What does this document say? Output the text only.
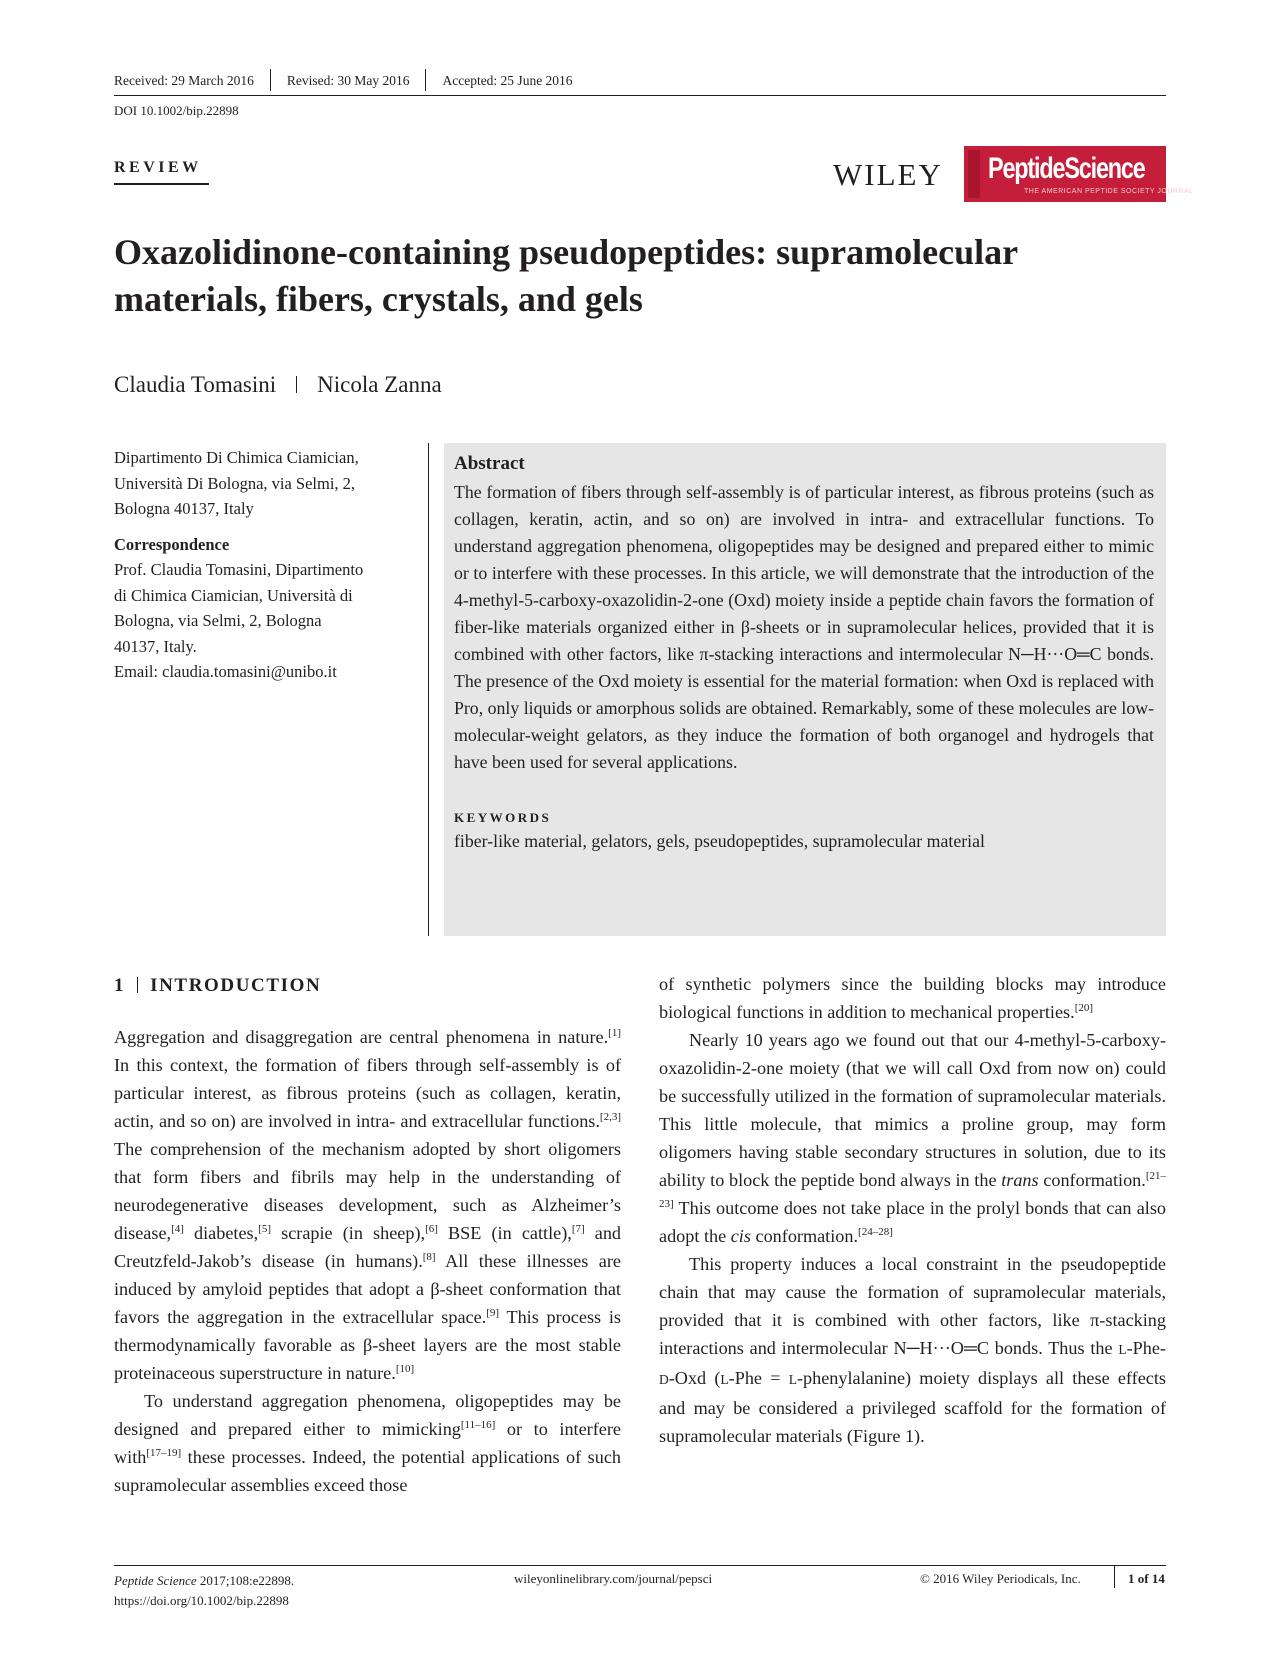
Received: 29 March 2016 Revised: 30 May 2016 Accepted: 25 June 2016
DOI 10.1002/bip.22898
REVIEW	WILEY PeptideScience
THE AMERICAN PEPTIDE SOCIETY JOURNAL
Oxazolidinone-containing pseudopeptides: supramolecular materials, fibers, crystals, and gels
Claudia Tomasini Nicola Zanna

Dipartimento Di Chimica Ciamician,

Università Di Bologna, via Selmi, 2,

Bologna 40137, Italy

Correspondence

Prof. Claudia Tomasini, Dipartimento

di Chimica Ciamician, Università di

Bologna, via Selmi, 2, Bologna

40137, Italy.

Email: claudia.tomasini@unibo.it

Abstract
The formation of fibers through self-assembly is of particular interest, as fibrous proteins (such as collagen, keratin, actin, and so on) are involved in intra- and extracellular functions. To understand aggregation phenomena, oligopeptides may be designed and prepared either to mimic or to interfere with these processes. In this article, we will demonstrate that the introduction of the 4-methyl-5-carboxy-oxazolidin-2-one (Oxd) moiety inside a peptide chain favors the formation of fiber-like materials organized either in β-sheets or in supramolecular helices, provided that it is combined with other factors, like π-stacking interactions and intermolecular N─H···O═C bonds. The presence of the Oxd moiety is essential for the material formation: when Oxd is replaced with Pro, only liquids or amorphous solids are obtained. Remarkably, some of these molecules are low-molecular-weight gelators, as they induce the formation of both organogel and hydrogels that have been used for several applications.
KEYWORDS
fiber-like material, gelators, gels, pseudopeptides, supramolecular material
1 INTRODUCTION

Aggregation and disaggregation are central phenomena in nature.[1] In this context, the formation of fibers through self-assembly is of particular interest, as fibrous proteins (such as collagen, keratin, actin, and so on) are involved in intra- and extracellular functions.[2,3] The comprehension of the mechanism adopted by short oligomers that form fibers and fibrils may help in the understanding of neurodegenerative diseases development, such as Alzheimer’s disease,[4] diabetes,[5] scrapie (in sheep),[6] BSE (in cattle),[7] and Creutzfeld-Jakob’s disease (in humans).[8] All these illnesses are induced by amyloid peptides that adopt a β-sheet conformation that favors the aggregation in the extracellular space.[9] This process is thermodynamically favorable as β-sheet layers are the most stable proteinaceous superstructure in nature.[10]

To understand aggregation phenomena, oligopeptides may be designed and prepared either to mimicking[11–16] or to interfere with[17–19] these processes. Indeed, the potential applications of such supramolecular assemblies exceed those

of synthetic polymers since the building blocks may introduce biological functions in addition to mechanical properties.[20]

Nearly 10 years ago we found out that our 4-methyl-5-carboxy-oxazolidin-2-one moiety (that we will call Oxd from now on) could be successfully utilized in the formation of supramolecular materials. This little molecule, that mimics a proline group, may form oligomers having stable secondary structures in solution, due to its ability to block the peptide bond always in the trans conformation.[21–23] This outcome does not take place in the prolyl bonds that can also adopt the cis conformation.[24–28]

This property induces a local constraint in the pseudopeptide chain that may cause the formation of supramolecular materials, provided that it is combined with other factors, like π-stacking interactions and intermolecular N─H···O═C bonds. Thus the L-Phe-D-Oxd (L-Phe = L-phenylalanine) moiety displays all these effects and may be considered a privileged scaffold for the formation of supramolecular materials (Figure 1).

Peptide Science 2017;108:e22898.
https://doi.org/10.1002/bip.22898
wileyonlinelibrary.com/journal/pepsci	© 2016 Wiley Periodicals, Inc.	1 of 14
